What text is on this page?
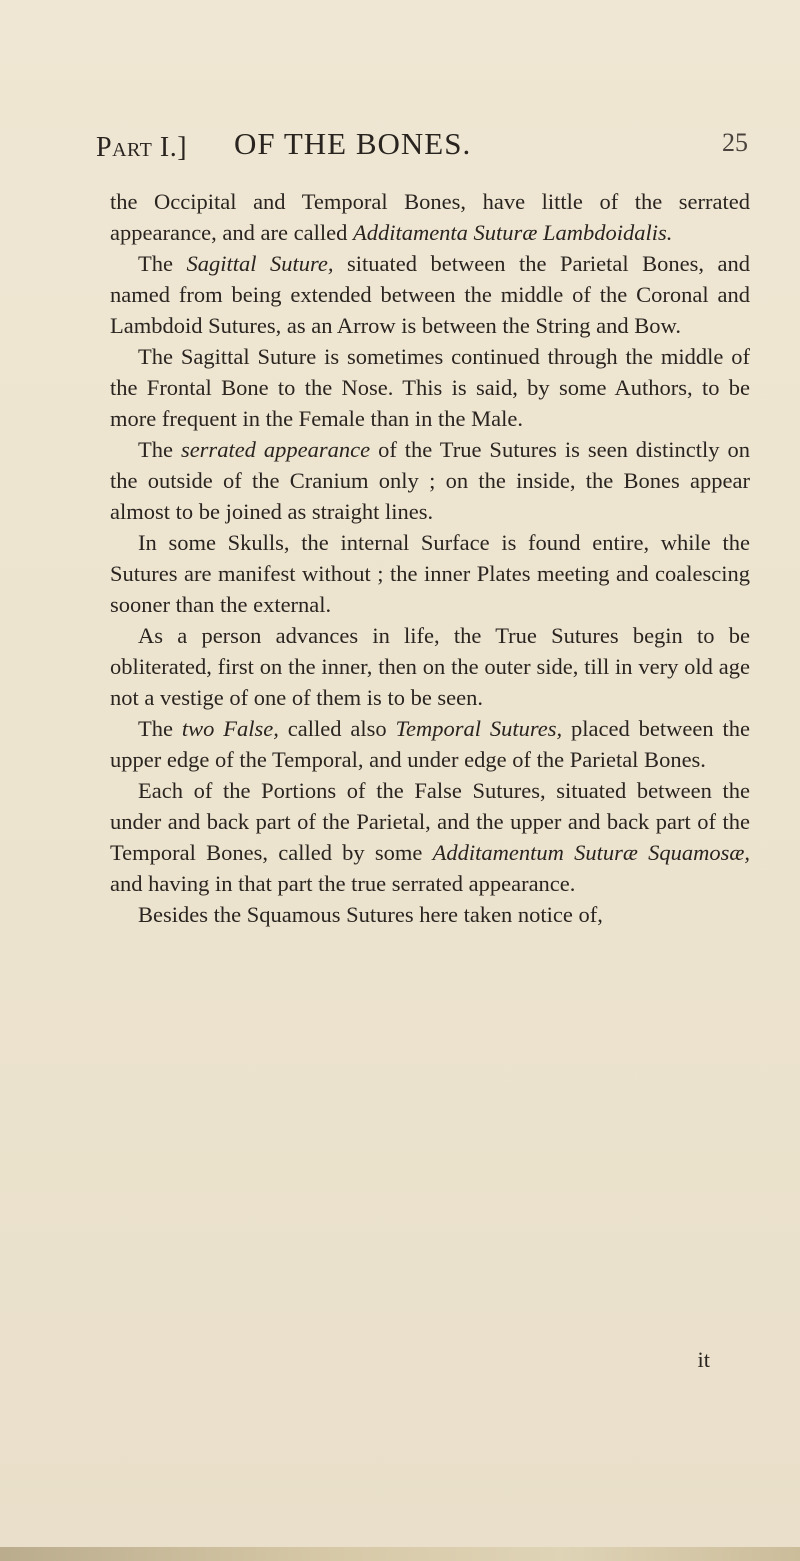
Part I.] OF THE BONES.	25

the Occipital and Temporal Bones, have little of the serrated appearance, and are called Additamenta Suturæ Lambdoidalis.

The Sagittal Suture, situated between the Parietal Bones, and named from being extended between the middle of the Coronal and Lambdoid Sutures, as an Arrow is between the String and Bow.

The Sagittal Suture is sometimes continued through the middle of the Frontal Bone to the Nose. This is said, by some Authors, to be more frequent in the Female than in the Male.

The serrated appearance of the True Sutures is seen distinctly on the outside of the Cranium only ; on the inside, the Bones appear almost to be joined as straight lines.

In some Skulls, the internal Surface is found entire, while the Sutures are manifest without ; the inner Plates meeting and coalescing sooner than the external.

As a person advances in life, the True Sutures begin to be obliterated, first on the inner, then on the outer side, till in very old age not a vestige of one of them is to be seen.

The two False, called also Temporal Sutures, placed between the upper edge of the Temporal, and under edge of the Parietal Bones.

Each of the Portions of the False Sutures, situated between the under and back part of the Parietal, and the upper and back part of the Temporal Bones, called by some Additamentum Suturæ Squamosæ, and having in that part the true serrated appearance.

Besides the Squamous Sutures here taken notice of,

it
